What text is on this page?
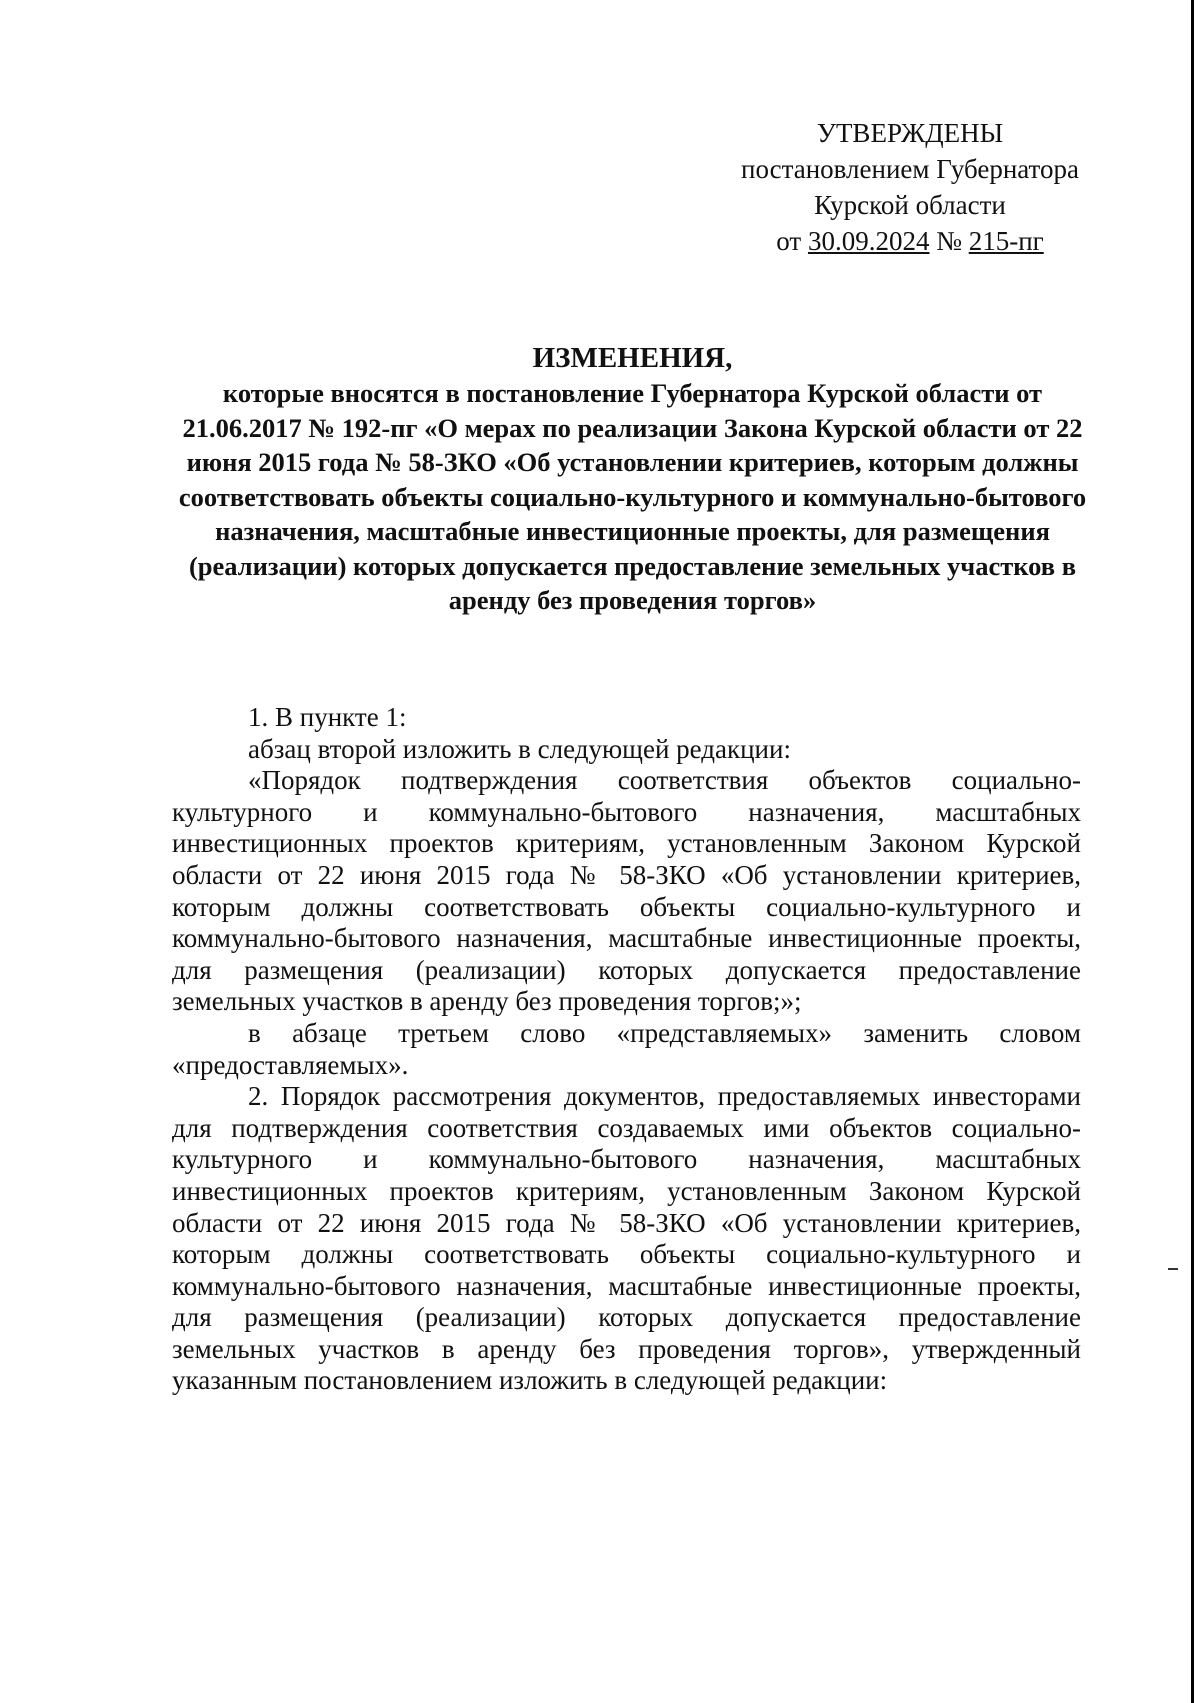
УТВЕРЖДЕНЫ
постановлением Губернатора
Курской области
от 30.09.2024 № 215-пг
ИЗМЕНЕНИЯ,
которые вносятся в постановление Губернатора Курской области от 21.06.2017 № 192-пг «О мерах по реализации Закона Курской области от 22 июня 2015 года № 58-ЗКО «Об установлении критериев, которым должны соответствовать объекты социально-культурного и коммунально-бытового назначения, масштабные инвестиционные проекты, для размещения (реализации) которых допускается предоставление земельных участков в аренду без проведения торгов»

1. В пункте 1:

абзац второй изложить в следующей редакции:

«Порядок подтверждения соответствия объектов социально-культурного и коммунально-бытового назначения, масштабных инвестиционных проектов критериям, установленным Законом Курской области от 22 июня 2015 года № 58-ЗКО «Об установлении критериев, которым должны соответствовать объекты социально-культурного и коммунально-бытового назначения, масштабные инвестиционные проекты, для размещения (реализации) которых допускается предоставление земельных участков в аренду без проведения торгов;»;

в абзаце третьем слово «представляемых» заменить словом «предоставляемых».

2. Порядок рассмотрения документов, предоставляемых инвесторами для подтверждения соответствия создаваемых ими объектов социально-культурного и коммунально-бытового назначения, масштабных инвестиционных проектов критериям, установленным Законом Курской области от 22 июня 2015 года № 58-ЗКО «Об установлении критериев, которым должны соответствовать объекты социально-культурного и коммунально-бытового назначения, масштабные инвестиционные проекты, для размещения (реализации) которых допускается предоставление земельных участков в аренду без проведения торгов», утвержденный указанным постановлением изложить в следующей редакции:
